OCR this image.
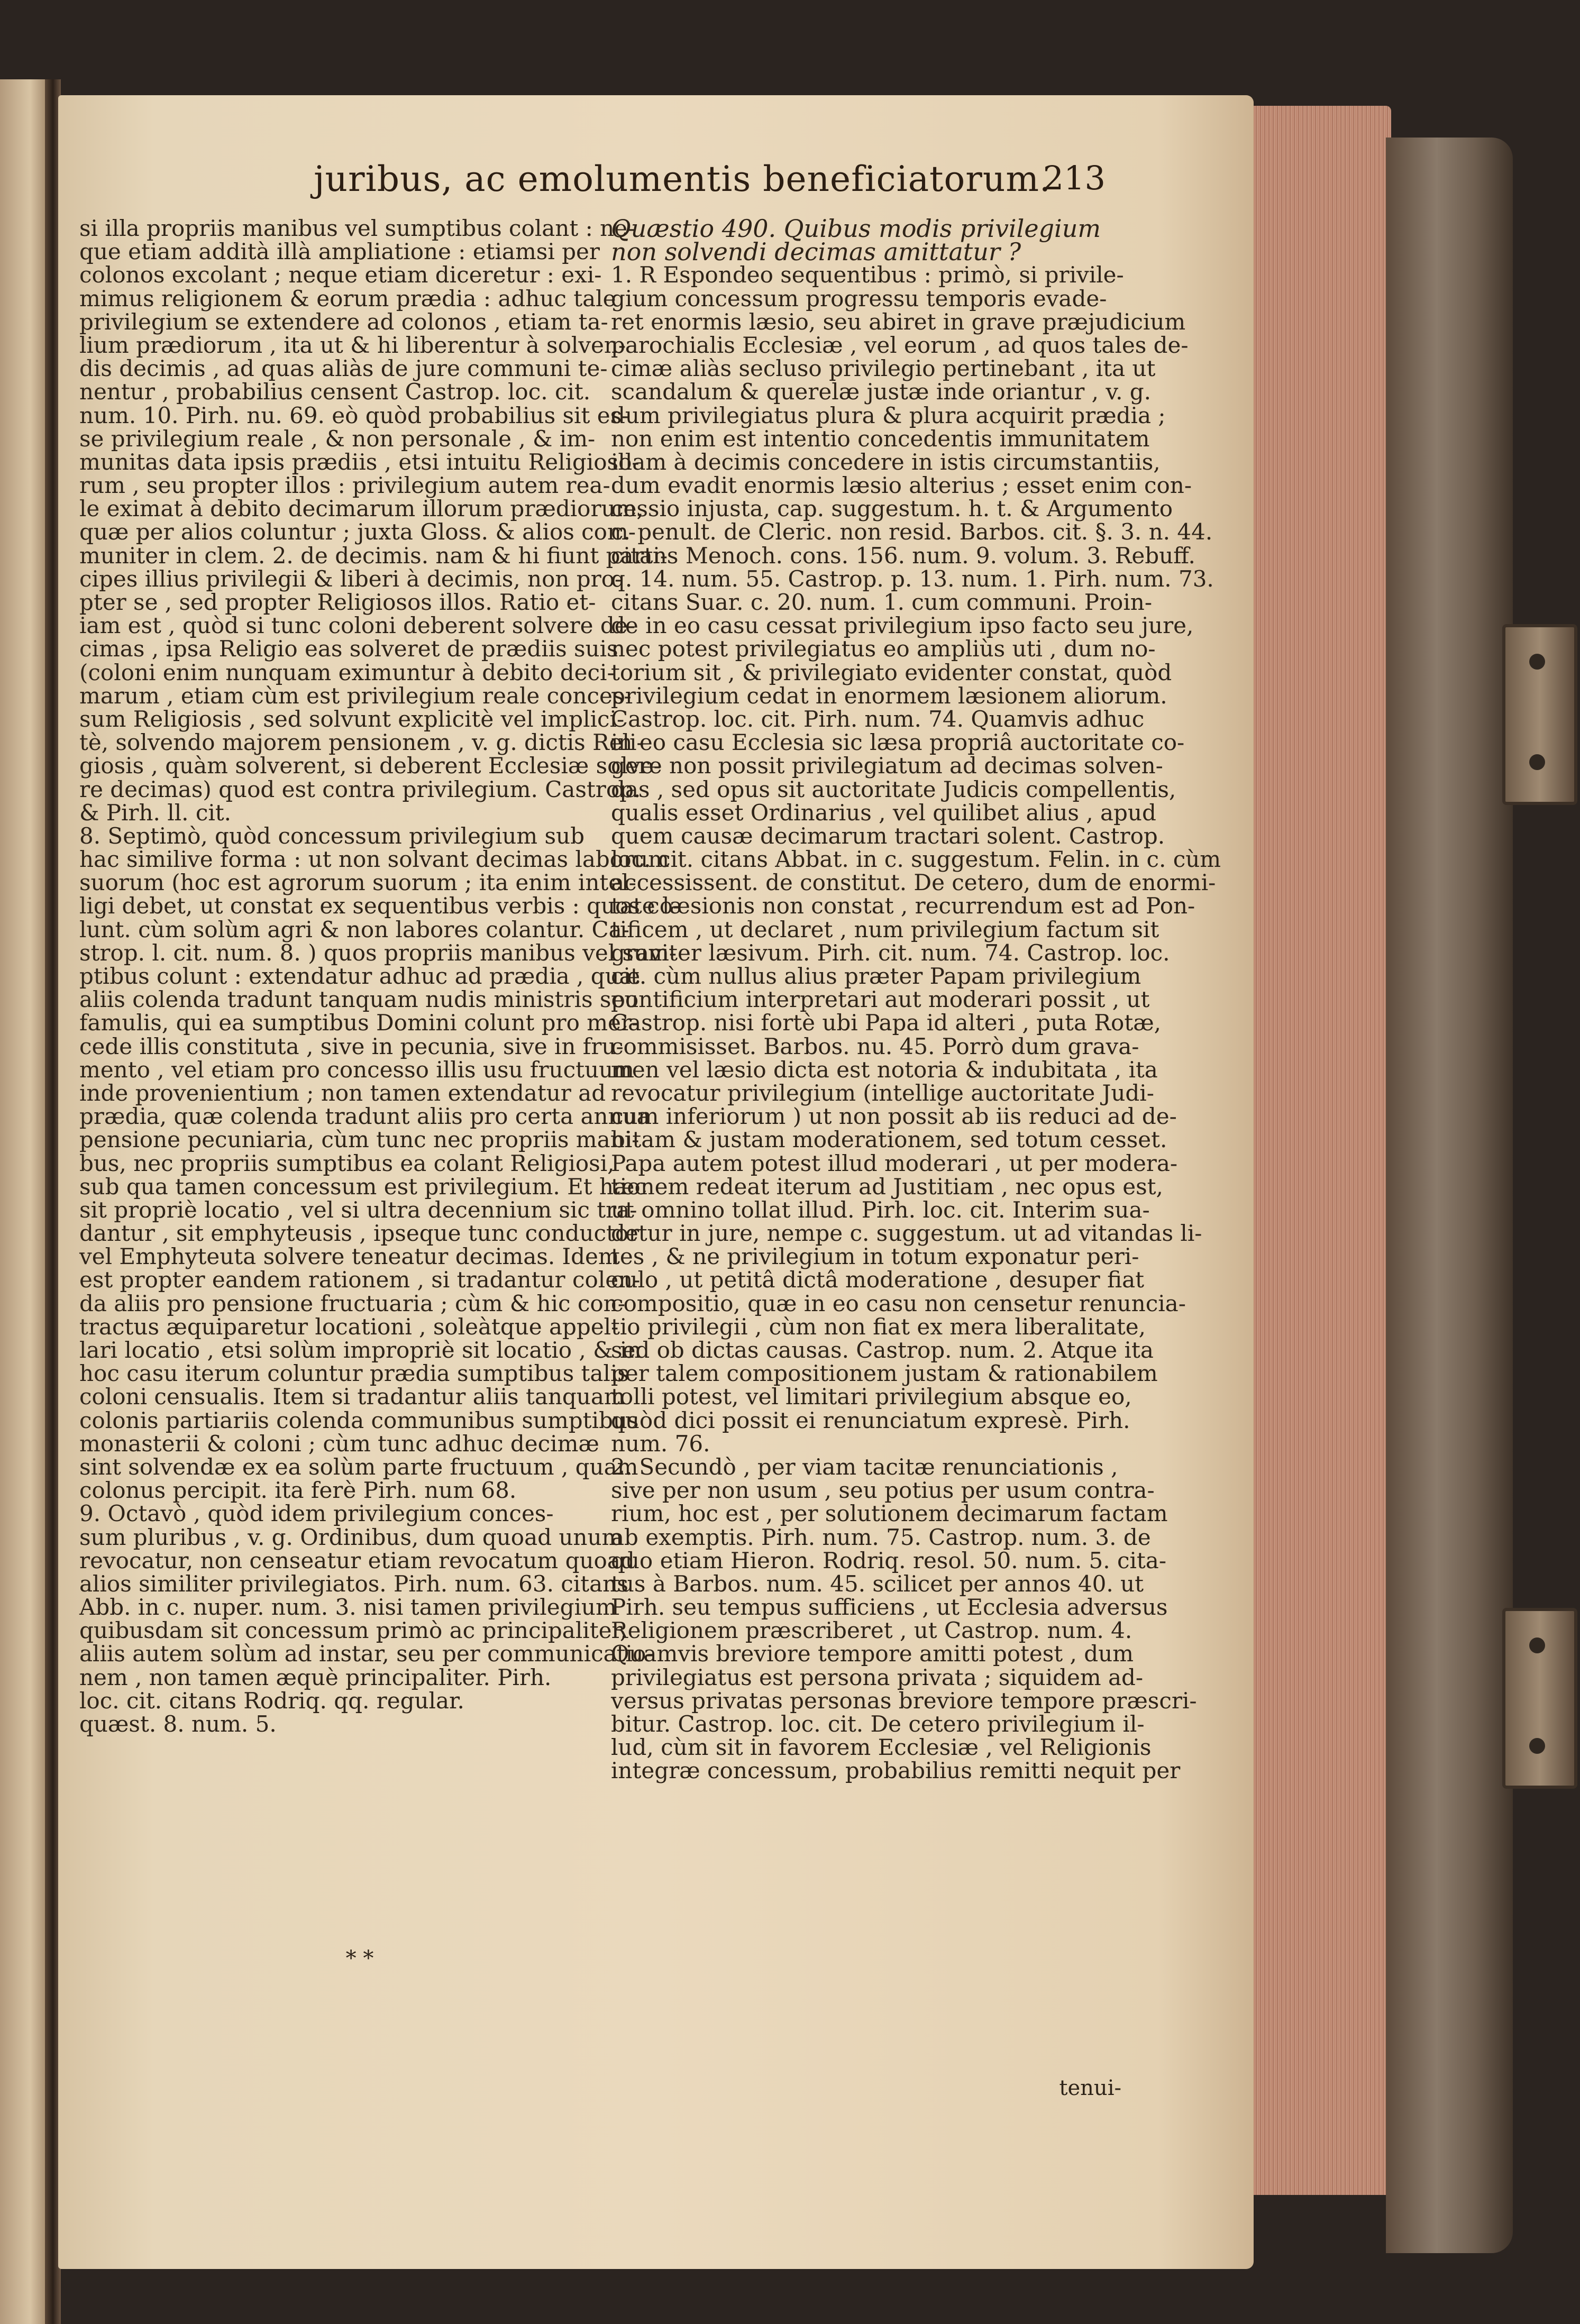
juribus, ac emolumentis beneficiatorum.
213
si illa propriis manibus vel sumptibus colant : ne-
que etiam addità illà ampliatione : etiamsi per
colonos excolant ; neque etiam diceretur : exi-
mimus religionem & eorum prædia : adhuc tale
privilegium se extendere ad colonos , etiam ta-
lium prædiorum , ita ut & hi liberentur à solven-
dis decimis , ad quas aliàs de jure communi te-
nentur , probabilius censent Castrop. loc. cit.
num. 10. Pirh. nu. 69. eò quòd probabilius sit es-
se privilegium reale , & non personale , & im-
munitas data ipsis prædiis , etsi intuitu Religioso-
rum , seu propter illos : privilegium autem rea-
le eximat à debito decimarum illorum prædiorum,
quæ per alios coluntur ; juxta Gloss. & alios com-
muniter in clem. 2. de decimis. nam & hi fiunt parti-
cipes illius privilegii & liberi à decimis, non pro-
pter se , sed propter Religiosos illos. Ratio et-
iam est , quòd si tunc coloni deberent solvere de-
cimas , ipsa Religio eas solveret de prædiis suis
(coloni enim nunquam eximuntur à debito deci-
marum , etiam cùm est privilegium reale conces-
sum Religiosis , sed solvunt explicitè vel implici-
tè, solvendo majorem pensionem , v. g. dictis Reli-
giosis , quàm solverent, si deberent Ecclesiæ solve-
re decimas) quod est contra privilegium. Castrop.
& Pirh. ll. cit.
8. Septimò, quòd concessum privilegium sub
hac similive forma : ut non solvant decimas laborum
suorum (hoc est agrorum suorum ; ita enim intel-
ligi debet, ut constat ex sequentibus verbis : quos co-
lunt. cùm solùm agri & non labores colantur. Ca-
strop. l. cit. num. 8. ) quos propriis manibus vel sum-
ptibus colunt : extendatur adhuc ad prædia , quæ
aliis colenda tradunt tanquam nudis ministris seu
famulis, qui ea sumptibus Domini colunt pro mer-
cede illis constituta , sive in pecunia, sive in fru-
mento , vel etiam pro concesso illis usu fructuum
inde provenientium ; non tamen extendatur ad
prædia, quæ colenda tradunt aliis pro certa annua
pensione pecuniaria, cùm tunc nec propriis mani-
bus, nec propriis sumptibus ea colant Religiosi,
sub qua tamen concessum est privilegium. Et hæc
sit propriè locatio , vel si ultra decennium sic tra-
dantur , sit emphyteusis , ipseque tunc conductor
vel Emphyteuta solvere teneatur decimas. Idem
est propter eandem rationem , si tradantur colen-
da aliis pro pensione fructuaria ; cùm & hic con-
tractus æquiparetur locationi , soleàtque appel-
lari locatio , etsi solùm impropriè sit locatio , & in
hoc casu iterum coluntur prædia sumptibus talis
coloni censualis. Item si tradantur aliis tanquam
colonis partiariis colenda communibus sumptibus
monasterii & coloni ; cùm tunc adhuc decimæ
sint solvendæ ex ea solùm parte fructuum , quam
colonus percipit. ita ferè Pirh. num 68.
9. Octavò , quòd idem privilegium conces-
sum pluribus , v. g. Ordinibus, dum quoad unum
revocatur, non censeatur etiam revocatum quoad
alios similiter privilegiatos. Pirh. num. 63. citans
Abb. in c. nuper. num. 3. nisi tamen privilegium
quibusdam sit concessum primò ac principaliter,
aliis autem solùm ad instar, seu per communicatio-
nem , non tamen æquè principaliter. Pirh.
loc. cit. citans Rodriq. qq. regular.
quæst. 8. num. 5.
Quæstio 490. Quibus modis privilegium
non solvendi decimas amittatur ?
1. R Espondeo sequentibus : primò, si privile-
gium concessum progressu temporis evade-
ret enormis læsio, seu abiret in grave præjudicium
parochialis Ecclesiæ , vel eorum , ad quos tales de-
cimæ aliàs secluso privilegio pertinebant , ita ut
scandalum & querelæ justæ inde oriantur , v. g.
dum privilegiatus plura & plura acquirit prædia ;
non enim est intentio concedentis immunitatem
illam à decimis concedere in istis circumstantiis,
dum evadit enormis læsio alterius ; esset enim con-
cessio injusta, cap. suggestum. h. t. & Argumento
c. penult. de Cleric. non resid. Barbos. cit. §. 3. n. 44.
citans Menoch. cons. 156. num. 9. volum. 3. Rebuff.
q. 14. num. 55. Castrop. p. 13. num. 1. Pirh. num. 73.
citans Suar. c. 20. num. 1. cum communi. Proin-
de in eo casu cessat privilegium ipso facto seu jure,
nec potest privilegiatus eo ampliùs uti , dum no-
torium sit , & privilegiato evidenter constat, quòd
privilegium cedat in enormem læsionem aliorum.
Castrop. loc. cit. Pirh. num. 74. Quamvis adhuc
in eo casu Ecclesia sic læsa propriâ auctoritate co-
gere non possit privilegiatum ad decimas solven-
das , sed opus sit auctoritate Judicis compellentis,
qualis esset Ordinarius , vel quilibet alius , apud
quem causæ decimarum tractari solent. Castrop.
loc. cit. citans Abbat. in c. suggestum. Felin. in c. cùm
accessissent. de constitut. De cetero, dum de enormi-
tate læsionis non constat , recurrendum est ad Pon-
tificem , ut declaret , num privilegium factum sit
graviter læsivum. Pirh. cit. num. 74. Castrop. loc.
cit. cùm nullus alius præter Papam privilegium
pontificium interpretari aut moderari possit , ut
Castrop. nisi fortè ubi Papa id alteri , puta Rotæ,
commisisset. Barbos. nu. 45. Porrò dum grava-
men vel læsio dicta est notoria & indubitata , ita
revocatur privilegium (intellige auctoritate Judi-
cum inferiorum ) ut non possit ab iis reduci ad de-
bitam & justam moderationem, sed totum cesset.
Papa autem potest illud moderari , ut per modera-
tionem redeat iterum ad Justitiam , nec opus est,
ut omnino tollat illud. Pirh. loc. cit. Interim sua-
detur in jure, nempe c. suggestum. ut ad vitandas li-
tes , & ne privilegium in totum exponatur peri-
culo , ut petitâ dictâ moderatione , desuper fiat
compositio, quæ in eo casu non censetur renuncia-
tio privilegii , cùm non fiat ex mera liberalitate,
sed ob dictas causas. Castrop. num. 2. Atque ita
per talem compositionem justam & rationabilem
tolli potest, vel limitari privilegium absque eo,
quòd dici possit ei renunciatum expresè. Pirh.
num. 76.
2. Secundò , per viam tacitæ renunciationis ,
sive per non usum , seu potius per usum contra-
rium, hoc est , per solutionem decimarum factam
ab exemptis. Pirh. num. 75. Castrop. num. 3. de
quo etiam Hieron. Rodriq. resol. 50. num. 5. cita-
tus à Barbos. num. 45. scilicet per annos 40. ut
Pirh. seu tempus sufficiens , ut Ecclesia adversus
Religionem præscriberet , ut Castrop. num. 4.
Quamvis breviore tempore amitti potest , dum
privilegiatus est persona privata ; siquidem ad-
versus privatas personas breviore tempore præscri-
bitur. Castrop. loc. cit. De cetero privilegium il-
lud, cùm sit in favorem Ecclesiæ , vel Religionis
integræ concessum, probabilius remitti nequit per
* *
tenui-
